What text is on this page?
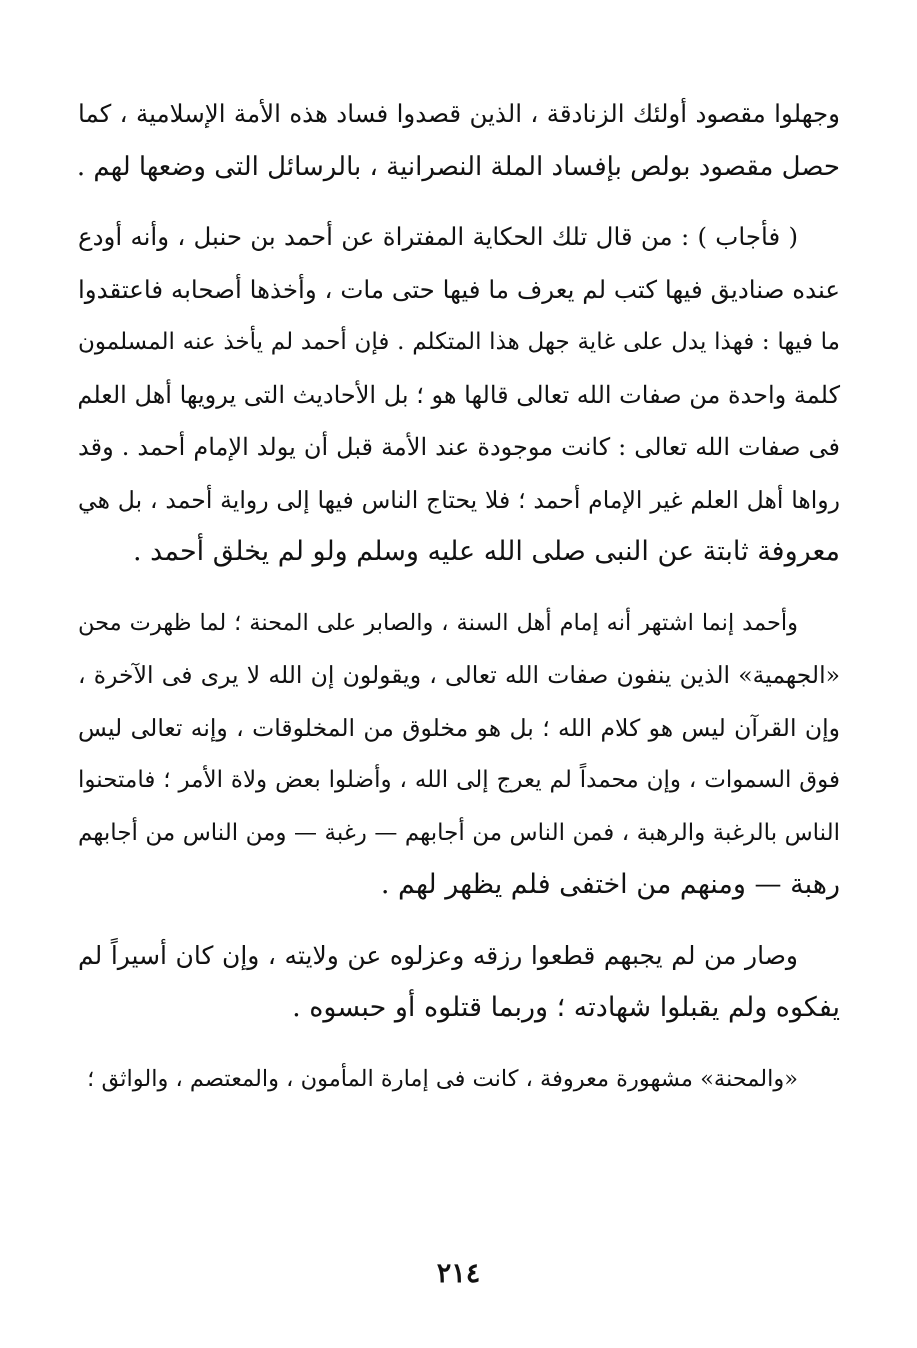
وجهلوا مقصود أولئك الزنادقة ، الذين قصدوا فساد هذه الأمة الإسلامية ، كما
حصل مقصود بولص بإفساد الملة النصرانية ، بالرسائل التى وضعها لهم .
( فأجاب ) : من قال تلك الحكاية المفتراة عن أحمد بن حنبل ، وأنه أودع
عنده صناديق فيها كتب لم يعرف ما فيها حتى مات ، وأخذها أصحابه فاعتقدوا
ما فيها : فهذا يدل على غاية جهل هذا المتكلم . فإن أحمد لم يأخذ عنه المسلمون
كلمة واحدة من صفات الله تعالى قالها هو ؛ بل الأحاديث التى يرويها أهل العلم
فى صفات الله تعالى : كانت موجودة عند الأمة قبل أن يولد الإمام أحمد . وقد
رواها أهل العلم غير الإمام أحمد ؛ فلا يحتاج الناس فيها إلى رواية أحمد ، بل هي
معروفة ثابتة عن النبى صلى الله عليه وسلم ولو لم يخلق أحمد .
وأحمد إنما اشتهر أنه إمام أهل السنة ، والصابر على المحنة ؛ لما ظهرت محن
«الجهمية» الذين ينفون صفات الله تعالى ، ويقولون إن الله لا يرى فى الآخرة ،
وإن القرآن ليس هو كلام الله ؛ بل هو مخلوق من المخلوقات ، وإنه تعالى ليس
فوق السموات ، وإن محمداً لم يعرج إلى الله ، وأضلوا بعض ولاة الأمر ؛ فامتحنوا
الناس بالرغبة والرهبة ، فمن الناس من أجابهم — رغبة — ومن الناس من أجابهم
رهبة — ومنهم من اختفى فلم يظهر لهم .
وصار من لم يجبهم قطعوا رزقه وعزلوه عن ولايته ، وإن كان أسيراً لم
يفكوه ولم يقبلوا شهادته ؛ وربما قتلوه أو حبسوه .
«والمحنة» مشهورة معروفة ، كانت فى إمارة المأمون ، والمعتصم ، والواثق ؛
٢١٤
